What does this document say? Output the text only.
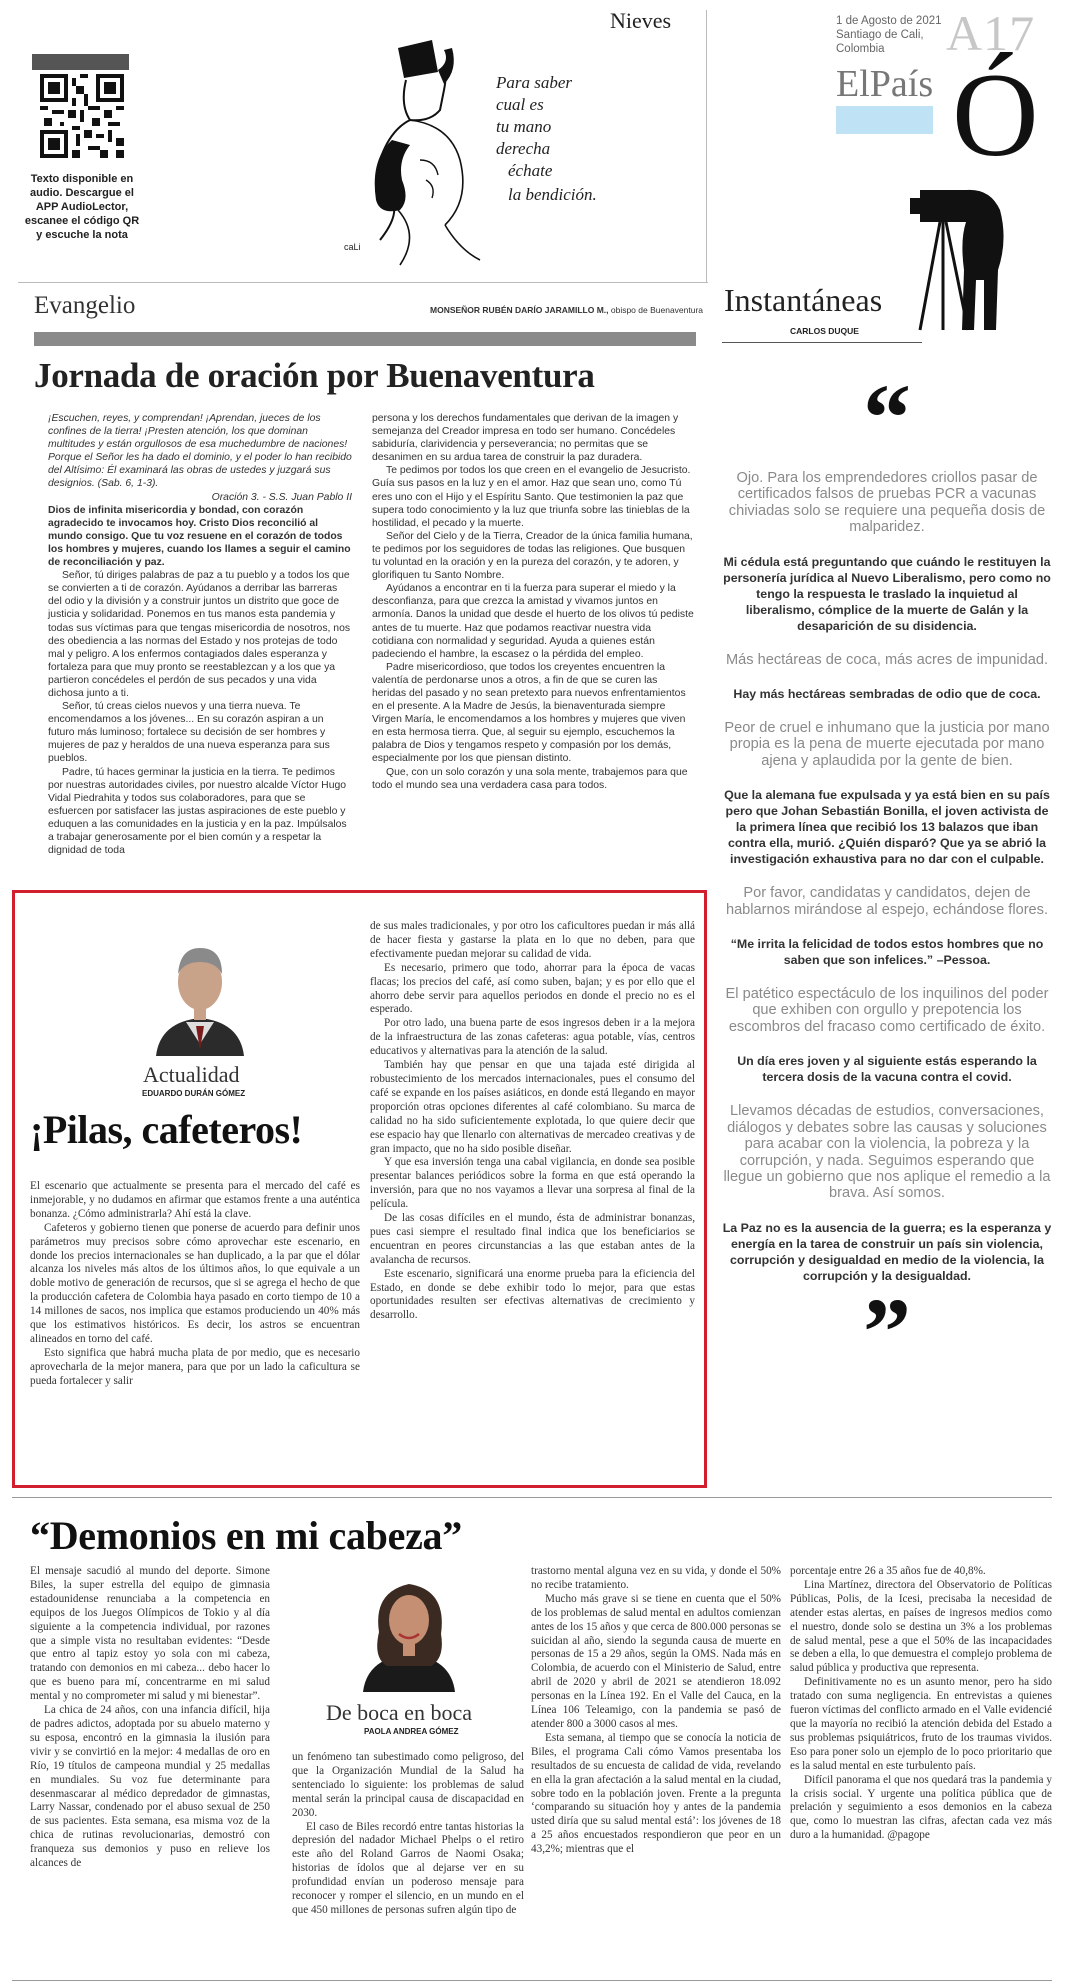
Texto disponible en audio. Descargue el APP AudioLector, escanee el código QR y escuche la nota
Nieves
Para saber
cual es
tu mano
derecha
échate
la bendición.
caLi
1 de Agosto de 2021 Santiago de Cali, Colombia	A17
ElPaís Ó
Evangelio	MONSEÑOR RUBÉN DARÍO JARAMILLO M., obispo de Buenaventura Instantáneas
CARLOS DUQUE
Jornada de oración por Buenaventura

¡Escuchen, reyes, y comprendan! ¡Aprendan, jueces de los confines de la tierra! ¡Presten atención, los que dominan multitudes y están orgullosos de esa muchedumbre de naciones! Porque el Señor les ha dado el dominio, y el poder lo han recibido del Altísimo: Él examinará las obras de ustedes y juzgará sus designios. (Sab. 6, 1-3).

Oración 3. - S.S. Juan Pablo II

Dios de infinita misericordia y bondad, con corazón agradecido te invocamos hoy. Cristo Dios reconcilió al mundo consigo. Que tu voz resuene en el corazón de todos los hombres y mujeres, cuando los llames a seguir el camino de reconciliación y paz.

Señor, tú diriges palabras de paz a tu pueblo y a todos los que se convierten a ti de corazón. Ayúdanos a derribar las barreras del odio y la división y a construir juntos un distrito que goce de justicia y solidaridad. Ponemos en tus manos esta pandemia y todas sus víctimas para que tengas misericordia de nosotros, nos des obediencia a las normas del Estado y nos protejas de todo mal y peligro. A los enfermos contagiados dales esperanza y fortaleza para que muy pronto se reestablezcan y a los que ya partieron concédeles el perdón de sus pecados y una vida dichosa junto a ti.

Señor, tú creas cielos nuevos y una tierra nueva. Te encomendamos a los jóvenes... En su corazón aspiran a un futuro más luminoso; fortalece su decisión de ser hombres y mujeres de paz y heraldos de una nueva esperanza para sus pueblos.

Padre, tú haces germinar la justicia en la tierra. Te pedimos por nuestras autoridades civiles, por nuestro alcalde Víctor Hugo Vidal Piedrahita y todos sus colaboradores, para que se esfuercen por satisfacer las justas aspiraciones de este pueblo y eduquen a las comunidades en la justicia y en la paz. Impúlsalos a trabajar generosamente por el bien común y a respetar la dignidad de toda

persona y los derechos fundamentales que derivan de la imagen y semejanza del Creador impresa en todo ser humano. Concédeles sabiduría, clarividencia y perseverancia; no permitas que se desanimen en su ardua tarea de construir la paz duradera.

Te pedimos por todos los que creen en el evangelio de Jesucristo. Guía sus pasos en la luz y en el amor. Haz que sean uno, como Tú eres uno con el Hijo y el Espíritu Santo. Que testimonien la paz que supera todo conocimiento y la luz que triunfa sobre las tinieblas de la hostilidad, el pecado y la muerte.

Señor del Cielo y de la Tierra, Creador de la única familia humana, te pedimos por los seguidores de todas las religiones. Que busquen tu voluntad en la oración y en la pureza del corazón, y te adoren, y glorifiquen tu Santo Nombre.

Ayúdanos a encontrar en ti la fuerza para superar el miedo y la desconfianza, para que crezca la amistad y vivamos juntos en armonía. Danos la unidad que desde el huerto de los olivos tú pediste antes de tu muerte. Haz que podamos reactivar nuestra vida cotidiana con normalidad y seguridad. Ayuda a quienes están padeciendo el hambre, la escasez o la pérdida del empleo.

Padre misericordioso, que todos los creyentes encuentren la valentía de perdonarse unos a otros, a fin de que se curen las heridas del pasado y no sean pretexto para nuevos enfrentamientos en el presente. A la Madre de Jesús, la bienaventurada siempre Virgen María, le encomendamos a los hombres y mujeres que viven en esta hermosa tierra. Que, al seguir su ejemplo, escuchemos la palabra de Dios y tengamos respeto y compasión por los demás, especialmente por los que piensan distinto.

Que, con un solo corazón y una sola mente, trabajemos para que todo el mundo sea una verdadera casa para todos.

“

Ojo. Para los emprendedores criollos pasar de certificados falsos de pruebas PCR a vacunas chiviadas solo se requiere una pequeña dosis de malparidez.

Mi cédula está preguntando que cuándo le restituyen la personería jurídica al Nuevo Liberalismo, pero como no tengo la respuesta le traslado la inquietud al liberalismo, cómplice de la muerte de Galán y la desaparición de su disidencia.

Más hectáreas de coca, más acres de impunidad.

Hay más hectáreas sembradas de odio que de coca.

Peor de cruel e inhumano que la justicia por mano propia es la pena de muerte ejecutada por mano ajena y aplaudida por la gente de bien.

Que la alemana fue expulsada y ya está bien en su país pero que Johan Sebastián Bonilla, el joven activista de la primera línea que recibió los 13 balazos que iban contra ella, murió. ¿Quién disparó? Que ya se abrió la investigación exhaustiva para no dar con el culpable.

Por favor, candidatas y candidatos, dejen de hablarnos mirándose al espejo, echándose flores.

“Me irrita la felicidad de todos estos hombres que no saben que son infelices.” –Pessoa.

El patético espectáculo de los inquilinos del poder que exhiben con orgullo y prepotencia los escombros del fracaso como certificado de éxito.

Un día eres joven y al siguiente estás esperando la tercera dosis de la vacuna contra el covid.

Llevamos décadas de estudios, conversaciones, diálogos y debates sobre las causas y soluciones para acabar con la violencia, la pobreza y la corrupción, y nada. Seguimos esperando que llegue un gobierno que nos aplique el remedio a la brava. Así somos.

La Paz no es la ausencia de la guerra; es la esperanza y energía en la tarea de construir un país sin violencia, corrupción y desigualdad en medio de la violencia, la corrupción y la desigualdad.

”
Actualidad
EDUARDO DURÁN GÓMEZ
¡Pilas, cafeteros!

El escenario que actualmente se presenta para el mercado del café es inmejorable, y no dudamos en afirmar que estamos frente a una auténtica bonanza. ¿Cómo administrarla? Ahí está la clave.

Cafeteros y gobierno tienen que ponerse de acuerdo para definir unos parámetros muy precisos sobre cómo aprovechar este escenario, en donde los precios internacionales se han duplicado, a la par que el dólar alcanza los niveles más altos de los últimos años, lo que equivale a un doble motivo de generación de recursos, que si se agrega el hecho de que la producción cafetera de Colombia haya pasado en corto tiempo de 10 a 14 millones de sacos, nos implica que estamos produciendo un 40% más que los estimativos históricos. Es decir, los astros se encuentran alineados en torno del café.

Esto significa que habrá mucha plata de por medio, que es necesario aprovecharla de la mejor manera, para que por un lado la caficultura se pueda fortalecer y salir

de sus males tradicionales, y por otro los caficultores puedan ir más allá de hacer fiesta y gastarse la plata en lo que no deben, para que efectivamente puedan mejorar su calidad de vida.

Es necesario, primero que todo, ahorrar para la época de vacas flacas; los precios del café, así como suben, bajan; y es por ello que el ahorro debe servir para aquellos periodos en donde el precio no es el esperado.

Por otro lado, una buena parte de esos ingresos deben ir a la mejora de la infraestructura de las zonas cafeteras: agua potable, vías, centros educativos y alternativas para la atención de la salud.

También hay que pensar en que una tajada esté dirigida al robustecimiento de los mercados internacionales, pues el consumo del café se expande en los países asiáticos, en donde está llegando en mayor proporción otras opciones diferentes al café colombiano. Su marca de calidad no ha sido suficientemente explotada, lo que quiere decir que ese espacio hay que llenarlo con alternativas de mercadeo creativas y de gran impacto, que no ha sido posible diseñar.

Y que esa inversión tenga una cabal vigilancia, en donde sea posible presentar balances periódicos sobre la forma en que está operando la inversión, para que no nos vayamos a llevar una sorpresa al final de la película.

De las cosas difíciles en el mundo, ésta de administrar bonanzas, pues casi siempre el resultado final indica que los beneficiarios se encuentran en peores circunstancias a las que estaban antes de la avalancha de recursos.

Este escenario, significará una enorme prueba para la eficiencia del Estado, en donde se debe exhibir todo lo mejor, para que estas oportunidades resulten ser efectivas alternativas de crecimiento y desarrollo.

“Demonios en mi cabeza”

El mensaje sacudió al mundo del deporte. Simone Biles, la super estrella del equipo de gimnasia estadounidense renunciaba a la competencia en equipos de los Juegos Olímpicos de Tokio y al día siguiente a la competencia individual, por razones que a simple vista no resultaban evidentes: “Desde que entro al tapiz estoy yo sola con mi cabeza, tratando con demonios en mi cabeza... debo hacer lo que es bueno para mí, concentrarme en mi salud mental y no comprometer mi salud y mi bienestar”.

La chica de 24 años, con una infancia difícil, hija de padres adictos, adoptada por su abuelo materno y su esposa, encontró en la gimnasia la ilusión para vivir y se convirtió en la mejor: 4 medallas de oro en Río, 19 títulos de campeona mundial y 25 medallas en mundiales. Su voz fue determinante para desenmascarar al médico depredador de gimnastas, Larry Nassar, condenado por el abuso sexual de 250 de sus pacientes. Esta semana, esa misma voz de la chica de rutinas revolucionarias, demostró con franqueza sus demonios y puso en relieve los alcances de

De boca en boca
PAOLA ANDREA GÓMEZ

un fenómeno tan subestimado como peligroso, del que la Organización Mundial de la Salud ha sentenciado lo siguiente: los problemas de salud mental serán la principal causa de discapacidad en 2030.

El caso de Biles recordó entre tantas historias la depresión del nadador Michael Phelps o el retiro este año del Roland Garros de Naomi Osaka; historias de ídolos que al dejarse ver en su profundidad envían un poderoso mensaje para reconocer y romper el silencio, en un mundo en el que 450 millones de personas sufren algún tipo de

trastorno mental alguna vez en su vida, y donde el 50% no recibe tratamiento.

Mucho más grave si se tiene en cuenta que el 50% de los problemas de salud mental en adultos comienzan antes de los 15 años y que cerca de 800.000 personas se suicidan al año, siendo la segunda causa de muerte en personas de 15 a 29 años, según la OMS. Nada más en Colombia, de acuerdo con el Ministerio de Salud, entre abril de 2020 y abril de 2021 se atendieron 18.092 personas en la Línea 192. En el Valle del Cauca, en la Línea 106 Teleamigo, con la pandemia se pasó de atender 800 a 3000 casos al mes.

Esta semana, al tiempo que se conocía la noticia de Biles, el programa Cali cómo Vamos presentaba los resultados de su encuesta de calidad de vida, revelando en ella la gran afectación a la salud mental en la ciudad, sobre todo en la población joven. Frente a la pregunta ‘comparando su situación hoy y antes de la pandemia usted diría que su salud mental está’: los jóvenes de 18 a 25 años encuestados respondieron que peor en un 43,2%; mientras que el

porcentaje entre 26 a 35 años fue de 40,8%.

Lina Martínez, directora del Observatorio de Políticas Públicas, Polis, de la Icesi, precisaba la necesidad de atender estas alertas, en países de ingresos medios como el nuestro, donde solo se destina un 3% a los problemas de salud mental, pese a que el 50% de las incapacidades se deben a ella, lo que demuestra el complejo problema de salud pública y productiva que representa.

Definitivamente no es un asunto menor, pero ha sido tratado con suma negligencia. En entrevistas a quienes fueron víctimas del conflicto armado en el Valle evidencié que la mayoría no recibió la atención debida del Estado a sus problemas psiquiátricos, fruto de los traumas vividos. Eso para poner solo un ejemplo de lo poco prioritario que es la salud mental en este turbulento país.

Difícil panorama el que nos quedará tras la pandemia y la crisis social. Y urgente una política pública que de prelación y seguimiento a esos demonios en la cabeza que, como lo muestran las cifras, afectan cada vez más duro a la humanidad. @pagope
